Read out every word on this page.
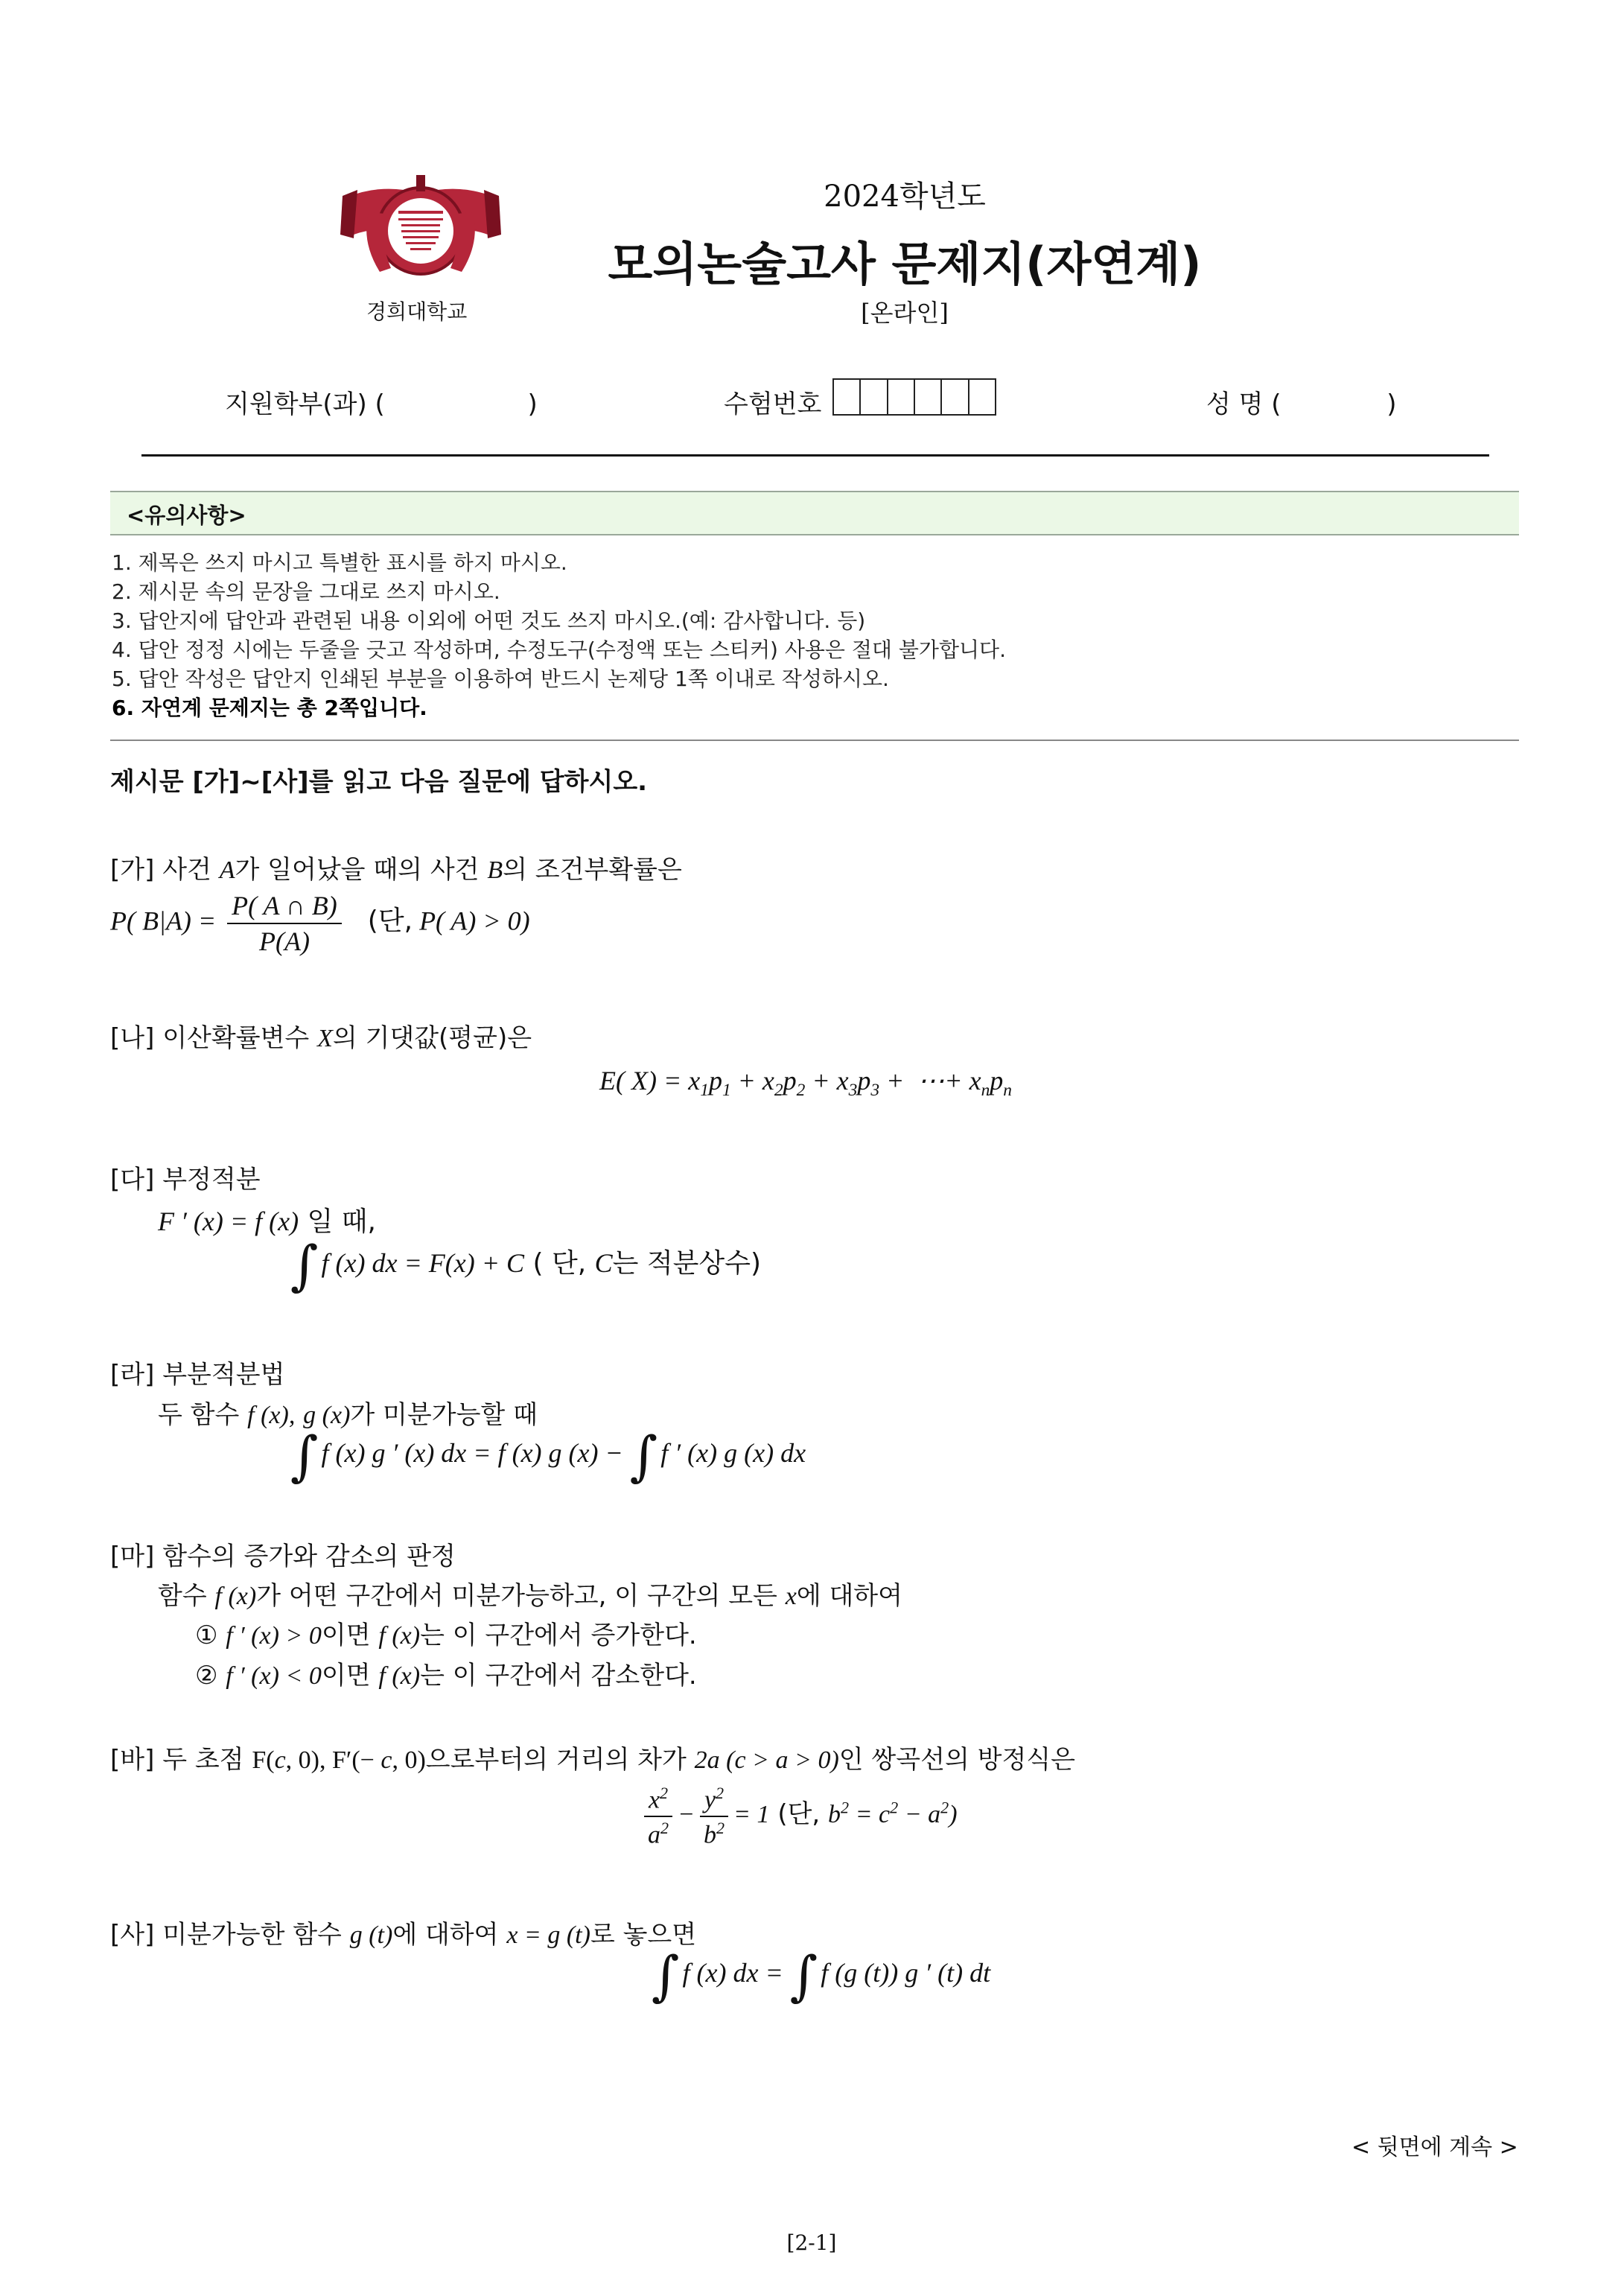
경희대학교
2024학년도
모의논술고사 문제지(자연계)
[온라인]
지원학부(과) (	)	수험번호	성 명 (	)
<유의사항>
1. 제목은 쓰지 마시고 특별한 표시를 하지 마시오.
2. 제시문 속의 문장을 그대로 쓰지 마시오.
3. 답안지에 답안과 관련된 내용 이외에 어떤 것도 쓰지 마시오.(예: 감사합니다. 등)
4. 답안 정정 시에는 두줄을 긋고 작성하며, 수정도구(수정액 또는 스티커) 사용은 절대 불가합니다.
5. 답안 작성은 답안지 인쇄된 부분을 이용하여 반드시 논제당 1쪽 이내로 작성하시오.
6. 자연계 문제지는 총 2쪽입니다.
제시문 [가]~[사]를 읽고 다음 질문에 답하시오.
[가] 사건 A가 일어났을 때의 사건 B의 조건부확률은
P( $B|A) = \frac{P( A \cap B)}{P(A)}$ (단, P( A) > 0)
[나] 이산확률변수 X의 기댓값(평균)은
E( $X) = x_1p_1 + x_2p_2 + x_3p_3$ +  ⋯+ $x_np_n$
[다] 부정적분
F ′ (x) = f (x) 일 때,
∫ f (x) dx = F(x) + C ( 단, C는 적분상수)
[라] 부분적분법
두 함수 f (x), g (x)가 미분가능할 때
∫ f (x) g ′ (x) dx = f (x) g (x) − ∫ f ′ (x) g (x) dx
[마] 함수의 증가와 감소의 판정
함수 f (x)가 어떤 구간에서 미분가능하고, 이 구간의 모든 x에 대하여
① f ′ (x) > 0이면 f (x)는 이 구간에서 증가한다.
② f ′ (x) < 0이면 f (x)는 이 구간에서 감소한다.
[바] 두 초점 F(c, 0), F′(− c, 0)으로부터의 거리의 차가 2a (c > a > 0)인 쌍곡선의 방정식은
$\frac{x^2}{a^2} - \frac{y^2}{b^2} = 1$ (단, $b^2 = c^2 - a^2$)
[사] 미분가능한 함수 g (t)에 대하여 x = g (t)로 놓으면
∫ f (x) dx = ∫ f (g (t)) g ′ (t) dt
< 뒷면에 계속 >
[2-1]
